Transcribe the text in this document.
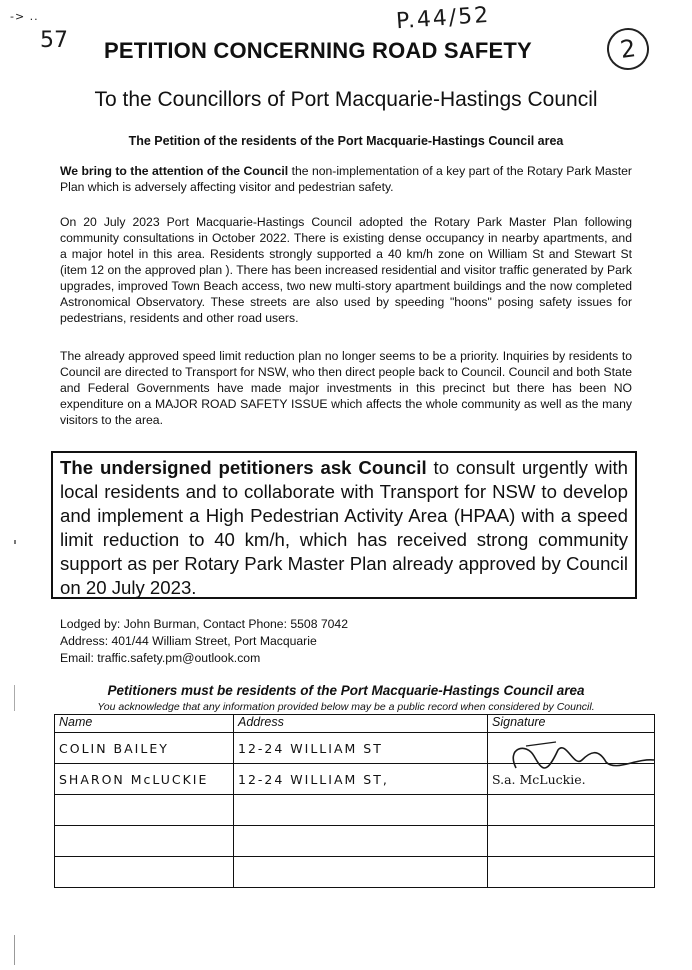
-> ..
57
P.44/52
PETITION CONCERNING ROAD SAFETY	2
To the Councillors of Port Macquarie-Hastings Council
The Petition of the residents of the Port Macquarie-Hastings Council area
We bring to the attention of the Council the non-implementation of a key part of the Rotary Park Master Plan which is adversely affecting visitor and pedestrian safety.
On 20 July 2023 Port Macquarie-Hastings Council adopted the Rotary Park Master Plan following community consultations in October 2022. There is existing dense occupancy in nearby apartments, and a major hotel in this area. Residents strongly supported a 40 km/h zone on William St and Stewart St (item 12 on the approved plan ). There has been increased residential and visitor traffic generated by Park upgrades, improved Town Beach access, two new multi-story apartment buildings and the now completed Astronomical Observatory. These streets are also used by speeding "hoons" posing safety issues for pedestrians, residents and other road users.
The already approved speed limit reduction plan no longer seems to be a priority. Inquiries by residents to Council are directed to Transport for NSW, who then direct people back to Council. Council and both State and Federal Governments have made major investments in this precinct but there has been NO expenditure on a MAJOR ROAD SAFETY ISSUE which affects the whole community as well as the many visitors to the area.
The undersigned petitioners ask Council to consult urgently with local residents and to collaborate with Transport for NSW to develop and implement a High Pedestrian Activity Area (HPAA) with a speed limit reduction to 40 km/h, which has received strong community support as per Rotary Park Master Plan already approved by Council on 20 July 2023.
Lodged by: John Burman, Contact Phone: 5508 7042
Address: 401/44 William Street, Port Macquarie
Email: traffic.safety.pm@outlook.com
Petitioners must be residents of the Port Macquarie-Hastings Council area
You acknowledge that any information provided below may be a public record when considered by Council.
Name	Address	Signature
COLIN BAILEY	12-24 WILLIAM ST	
SHARON McLUCKIE	12-24 WILLIAM ST,	S.a. McLuckie.
